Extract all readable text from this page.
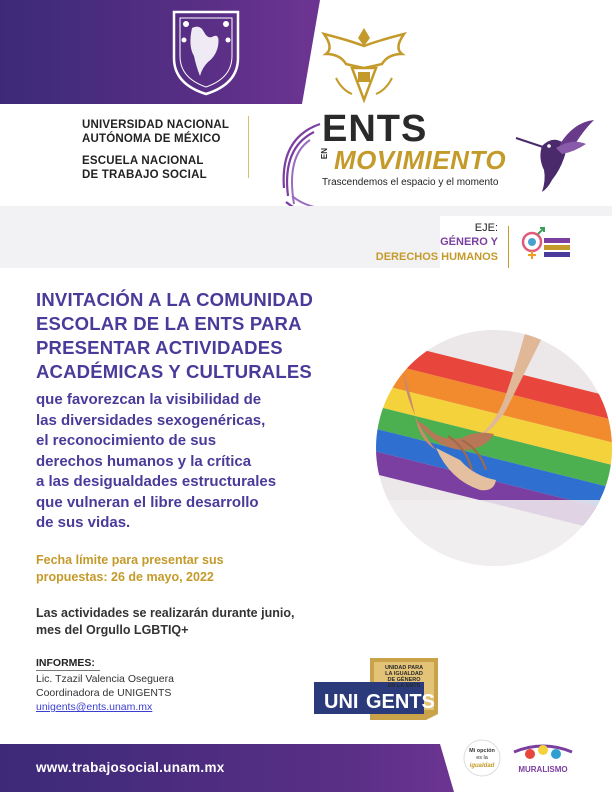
UNIVERSIDAD NACIONAL
AUTÓNOMA DE MÉXICO
ESCUELA NACIONAL
DE TRABAJO SOCIAL
ENTS
EN MOVIMIENTO
Trascendemos el espacio y el momento
EJE:
GÉNERO Y
DERECHOS HUMANOS
INVITACIÓN A LA COMUNIDAD
ESCOLAR DE LA ENTS PARA
PRESENTAR ACTIVIDADES
ACADÉMICAS Y CULTURALES
que favorezcan la visibilidad de
las diversidades sexogenéricas,
el reconocimiento de sus
derechos humanos y la crítica
a las desigualdades estructurales
que vulneran el libre desarrollo
de sus vidas.
Fecha límite para presentar sus
propuestas: 26 de mayo, 2022
Las actividades se realizarán durante junio,
mes del Orgullo LGBTIQ+
INFORMES:
Lic. Tzazil Valencia Oseguera
Coordinadora de UNIGENTS
unigents@ents.unam.mx
UNIDAD PARA
LA IGUALDAD
DE GÉNERO
EN LA ENTS
UNI GENTS
www.trabajosocial.unam.mx
Mi opción
es la
igualdad	MURALISMO
